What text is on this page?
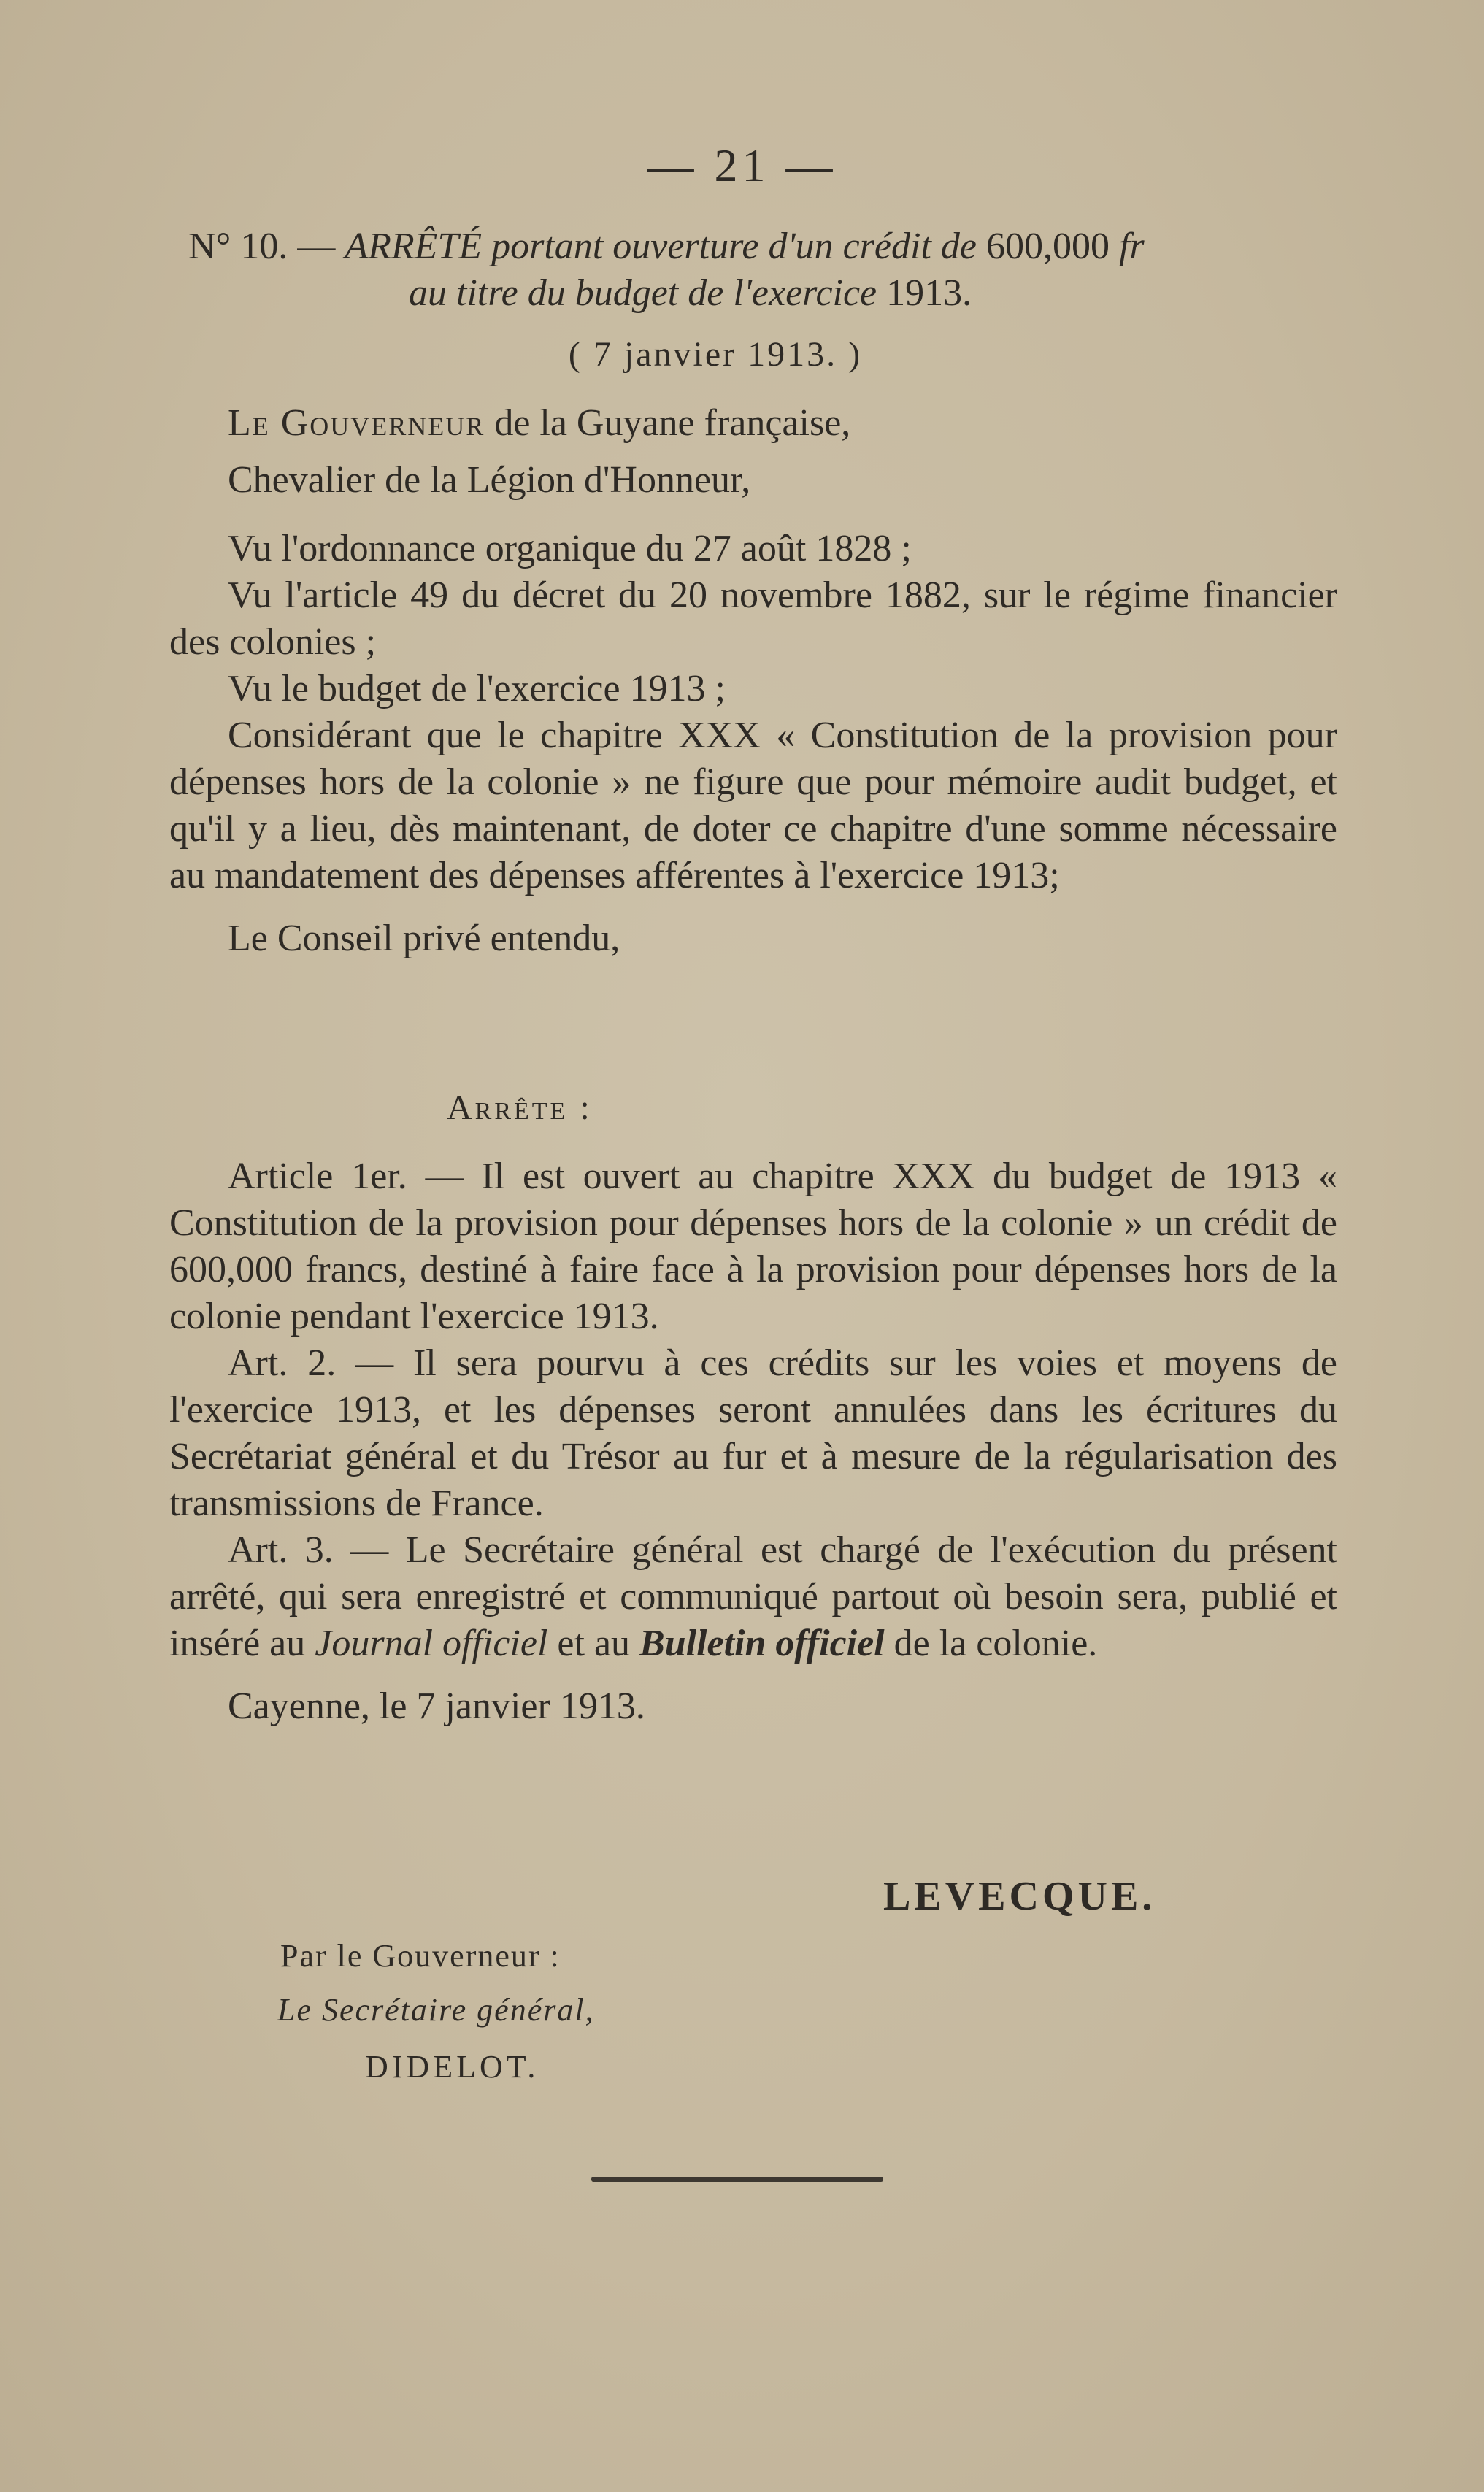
— 21 —
N° 10. — ARRÊTÉ portant ouverture d'un crédit de 600,000 fr
au titre du budget de l'exercice 1913.
( 7 janvier 1913. )

Le Gouverneur de la Guyane française,

Chevalier de la Légion d'Honneur,

Vu l'ordonnance organique du 27 août 1828 ;

Vu l'article 49 du décret du 20 novembre 1882, sur le régime financier des colonies ;

Vu le budget de l'exercice 1913 ;

Considérant que le chapitre XXX « Constitution de la provision pour dépenses hors de la colonie » ne figure que pour mémoire audit budget, et qu'il y a lieu, dès maintenant, de doter ce chapitre d'une somme nécessaire au mandatement des dépenses afférentes à l'exercice 1913;

Le Conseil privé entendu,

Arrête :

Article 1er. — Il est ouvert au chapitre XXX du budget de 1913 « Constitution de la provision pour dépenses hors de la colonie » un crédit de 600,000 francs, destiné à faire face à la provision pour dépenses hors de la colonie pendant l'exercice 1913.

Art. 2. — Il sera pourvu à ces crédits sur les voies et moyens de l'exercice 1913, et les dépenses seront annulées dans les écritures du Secrétariat général et du Trésor au fur et à mesure de la régularisation des transmissions de France.

Art. 3. — Le Secrétaire général est chargé de l'exécution du présent arrêté, qui sera enregistré et communiqué partout où besoin sera, publié et inséré au Journal officiel et au Bulletin officiel de la colonie.

Cayenne, le 7 janvier 1913.

LEVECQUE.
Par le Gouverneur :
Le Secrétaire général,
DIDELOT.
